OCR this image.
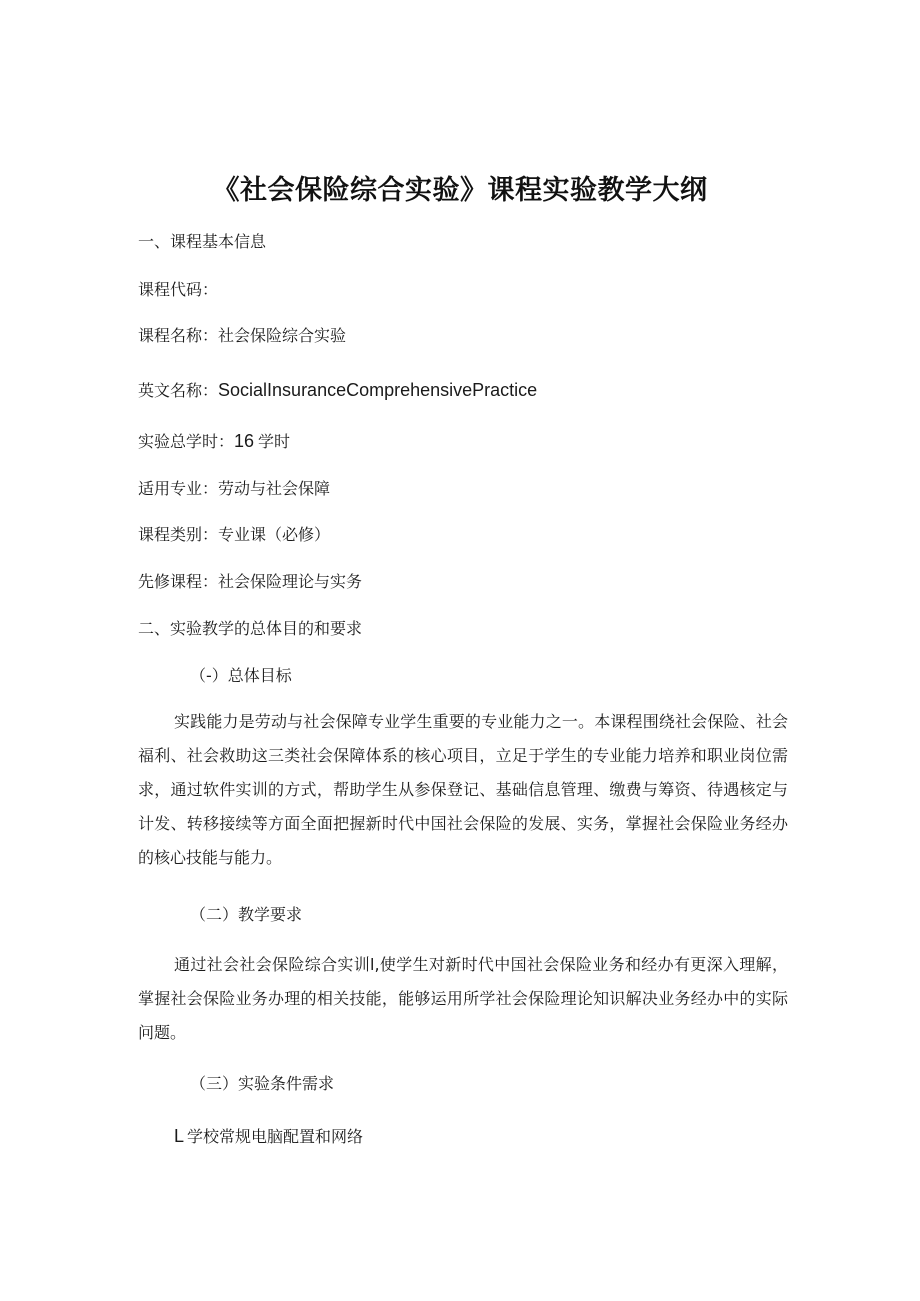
《社会保险综合实验》课程实验教学大纲
一、课程基本信息
课程代码：
课程名称：社会保险综合实验
英文名称：SocialInsuranceComprehensivePractice
实验总学时：16 学时
适用专业：劳动与社会保障
课程类别：专业课（必修）
先修课程：社会保险理论与实务
二、实验教学的总体目的和要求
（-）总体目标
实践能力是劳动与社会保障专业学生重要的专业能力之一。本课程围绕社会保险、社会福利、社会救助这三类社会保障体系的核心项目，立足于学生的专业能力培养和职业岗位需求，通过软件实训的方式，帮助学生从参保登记、基础信息管理、缴费与筹资、待遇核定与计发、转移接续等方面全面把握新时代中国社会保险的发展、实务，掌握社会保险业务经办的核心技能与能力。
（二）教学要求
通过社会社会保险综合实训l,使学生对新时代中国社会保险业务和经办有更深入理解，掌握社会保险业务办理的相关技能，能够运用所学社会保险理论知识解决业务经办中的实际问题。
（三）实验条件需求
L 学校常规电脑配置和网络
